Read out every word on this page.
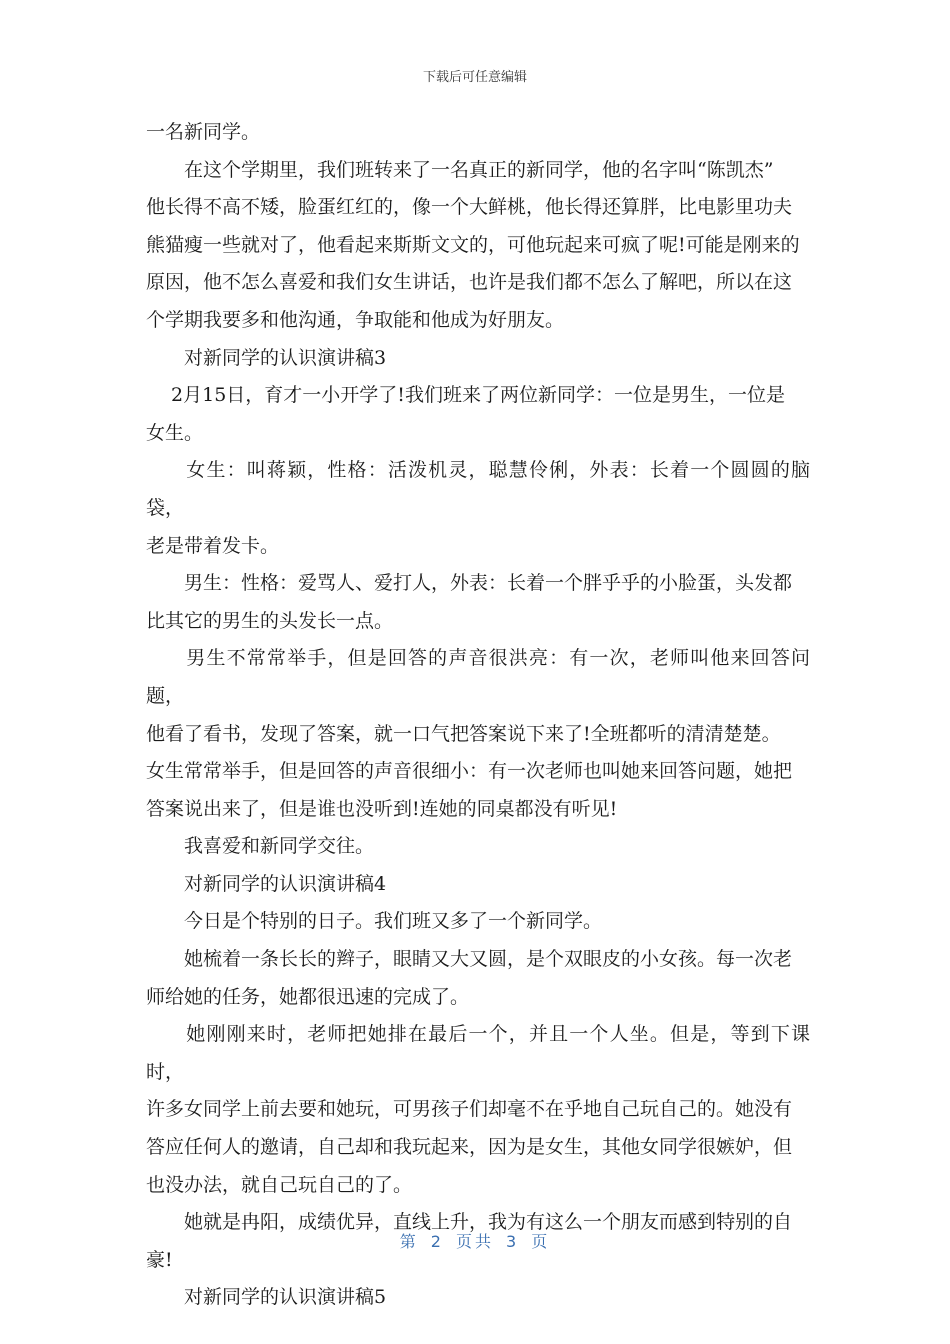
下载后可任意编辑

一名新同学。

　　在这个学期里，我们班转来了一名真正的新同学，他的名字叫“陈凯杰”

他长得不高不矮，脸蛋红红的，像一个大鲜桃，他长得还算胖，比电影里功夫

熊猫瘦一些就对了，他看起来斯斯文文的，可他玩起来可疯了呢!可能是刚来的

原因，他不怎么喜爱和我们女生讲话，也许是我们都不怎么了解吧，所以在这

个学期我要多和他沟通，争取能和他成为好朋友。

　　对新同学的认识演讲稿3

　 2月15日，育才一小开学了!我们班来了两位新同学：一位是男生，一位是

女生。

　　女生：叫蒋颖，性格：活泼机灵，聪慧伶俐，外表：长着一个圆圆的脑袋，

老是带着发卡。

　　男生：性格：爱骂人、爱打人，外表：长着一个胖乎乎的小脸蛋，头发都

比其它的男生的头发长一点。

　　男生不常常举手，但是回答的声音很洪亮：有一次，老师叫他来回答问题，

他看了看书，发现了答案，就一口气把答案说下来了!全班都听的清清楚楚。

女生常常举手，但是回答的声音很细小：有一次老师也叫她来回答问题，她把

答案说出来了，但是谁也没听到!连她的同桌都没有听见!

　　我喜爱和新同学交往。

　　对新同学的认识演讲稿4

　　今日是个特别的日子。我们班又多了一个新同学。

　　她梳着一条长长的辫子，眼睛又大又圆，是个双眼皮的小女孩。每一次老

师给她的任务，她都很迅速的完成了。

　　她刚刚来时，老师把她排在最后一个，并且一个人坐。但是，等到下课时，

许多女同学上前去要和她玩，可男孩子们却毫不在乎地自己玩自己的。她没有

答应任何人的邀请，自己却和我玩起来，因为是女生，其他女同学很嫉妒，但

也没办法，就自己玩自己的了。

　　她就是冉阳，成绩优异，直线上升，我为有这么一个朋友而感到特别的自

豪!

　　对新同学的认识演讲稿5

第 2 页共 3 页
